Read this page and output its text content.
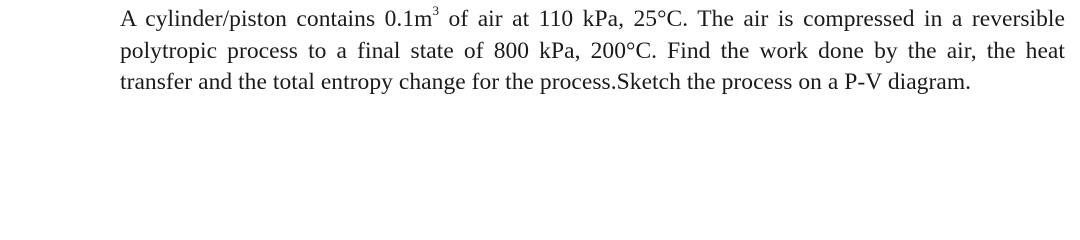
A cylinder/piston contains $0.1m^3$ of air at 110 kPa, 25°C. The air is compressed in a reversible polytropic process to a final state of 800 kPa, 200°C. Find the work done by the air, the heat transfer and the total entropy change for the process.Sketch the process on a P-V diagram.
